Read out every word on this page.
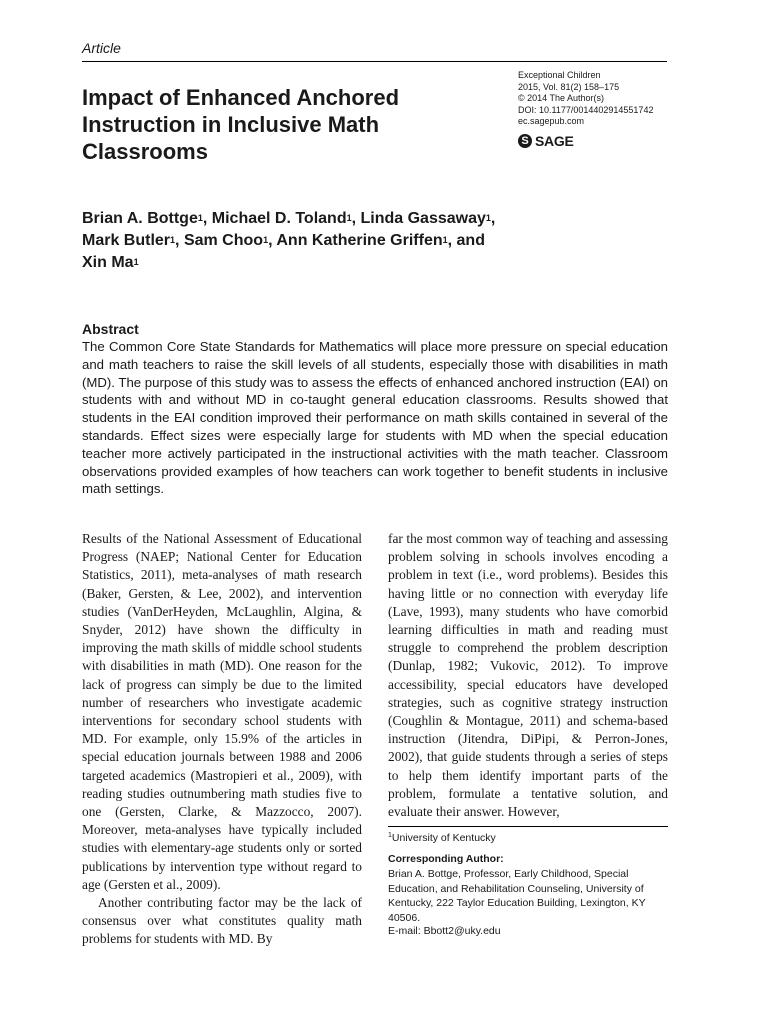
Article
Impact of Enhanced Anchored Instruction in Inclusive Math Classrooms
Exceptional Children
2015, Vol. 81(2) 158–175
© 2014 The Author(s)
DOI: 10.1177/0014402914551742
ec.sagepub.com
S SAGE
Brian A. Bottge$^1$, Michael D. Toland$^1$, Linda Gassaway$^1$,
Mark Butler$^1$, Sam Choo$^1$, Ann Katherine Griffen$^1$, and
Xin Ma$^1$
Abstract

The Common Core State Standards for Mathematics will place more pressure on special education and math teachers to raise the skill levels of all students, especially those with disabilities in math (MD). The purpose of this study was to assess the effects of enhanced anchored instruction (EAI) on students with and without MD in co-taught general education classrooms. Results showed that students in the EAI condition improved their performance on math skills contained in several of the standards. Effect sizes were especially large for students with MD when the special education teacher more actively participated in the instructional activities with the math teacher. Classroom observations provided examples of how teachers can work together to benefit students in inclusive math settings.

Results of the National Assessment of Educational Progress (NAEP; National Center for Education Statistics, 2011), meta-analyses of math research (Baker, Gersten, & Lee, 2002), and intervention studies (VanDerHeyden, McLaughlin, Algina, & Snyder, 2012) have shown the difficulty in improving the math skills of middle school students with disabilities in math (MD). One reason for the lack of progress can simply be due to the limited number of researchers who investigate academic interventions for secondary school students with MD. For example, only 15.9% of the articles in special education journals between 1988 and 2006 targeted academics (Mastropieri et al., 2009), with reading studies outnumbering math studies five to one (Gersten, Clarke, & Mazzocco, 2007). Moreover, meta-analyses have typically included studies with elementary-age students only or sorted publications by intervention type without regard to age (Gersten et al., 2009).

Another contributing factor may be the lack of consensus over what constitutes quality math problems for students with MD. By

far the most common way of teaching and assessing problem solving in schools involves encoding a problem in text (i.e., word problems). Besides this having little or no connection with everyday life (Lave, 1993), many students who have comorbid learning difficulties in math and reading must struggle to comprehend the problem description (Dunlap, 1982; Vukovic, 2012). To improve accessibility, special educators have developed strategies, such as cognitive strategy instruction (Coughlin & Montague, 2011) and schema-based instruction (Jitendra, DiPipi, & Perron-Jones, 2002), that guide students through a series of steps to help them identify important parts of the problem, formulate a tentative solution, and evaluate their answer. However,

$^1$University of Kentucky
Corresponding Author:

Brian A. Bottge, Professor, Early Childhood, Special Education, and Rehabilitation Counseling, University of Kentucky, 222 Taylor Education Building, Lexington, KY 40506.

E-mail: Bbott2@uky.edu
